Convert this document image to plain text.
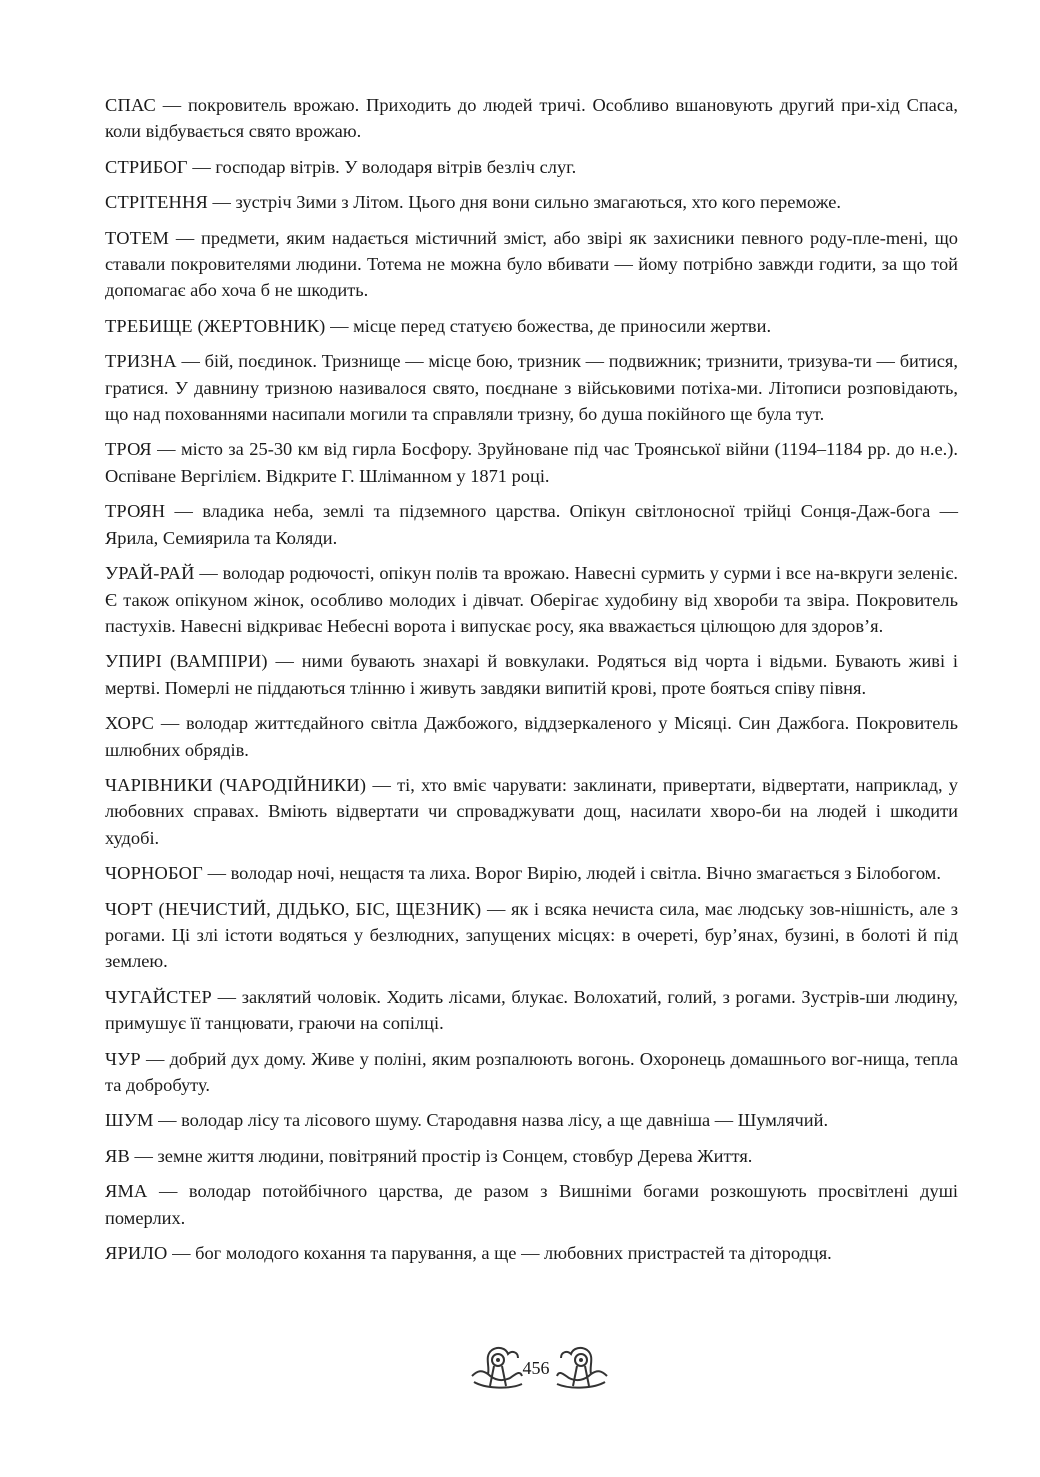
СПАС — покровитель врожаю. Приходить до людей тричі. Особливо вшановують другий при-хід Спаса, коли відбувається свято врожаю.

СТРИБОГ — господар вітрів. У володаря вітрів безліч слуг.

СТРІТЕННЯ — зустріч Зими з Літом. Цього дня вони сильно змагаються, хто кого переможе.

ТОТЕМ — предмети, яким надається містичний зміст, або звірі як захисники певного роду-пле-mені, що ставали покровителями людини. Тотема не можна було вбивати — йому потрібно завжди годити, за що той допомагає або хоча б не шкодить.

ТРЕБИЩЕ (ЖЕРТОВНИК) — місце перед статуєю божества, де приносили жертви.

ТРИЗНА — бій, поєдинок. Тризнище — місце бою, тризник — подвижник; тризнити, тризува-ти — битися, гратися. У давнину тризною називалося свято, поєднане з військовими потіха-ми. Літописи розповідають, що над похованнями насипали могили та справляли тризну, бо душа покійного ще була тут.

ТРОЯ — місто за 25-30 км від гирла Босфору. Зруйноване під час Троянської війни (1194–1184 рр. до н.е.). Оспіване Вергілієм. Відкрите Г. Шліманном у 1871 році.

ТРОЯН — владика неба, землі та підземного царства. Опікун світлоносної трійці Сонця-Даж-бога — Ярила, Семиярила та Коляди.

УРАЙ-РАЙ — володар родючості, опікун полів та врожаю. Навесні сурмить у сурми і все на-вкруги зеленіє. Є також опікуном жінок, особливо молодих і дівчат. Оберігає худобину від хвороби та звіра. Покровитель пастухів. Навесні відкриває Небесні ворота і випускає росу, яка вважається цілющою для здоров’я.

УПИРІ (ВАМПІРИ) — ними бувають знахарі й вовкулаки. Родяться від чорта і відьми. Бувають живі і мертві. Померлі не піддаються тлінню і живуть завдяки випитій крові, проте бояться співу півня.

ХОРС — володар життєдайного світла Дажбожого, віддзеркаленого у Місяці. Син Дажбога. Покровитель шлюбних обрядів.

ЧАРІВНИКИ (ЧАРОДІЙНИКИ) — ті, хто вміє чарувати: заклинати, привертати, відвертати, наприклад, у любовних справах. Вміють відвертати чи спроваджувати дощ, насилати хворо-би на людей і шкодити худобі.

ЧОРНОБОГ — володар ночі, нещастя та лиха. Ворог Вирію, людей і світла. Вічно змагається з Білобогом.

ЧОРТ (НЕЧИСТИЙ, ДІДЬКО, БІС, ЩЕЗНИК) — як і всяка нечиста сила, має людську зов-нішність, але з рогами. Ці злі істоти водяться у безлюдних, запущених місцях: в очереті, бур’янах, бузині, в болоті й під землею.

ЧУГАЙСТЕР — заклятий чоловік. Ходить лісами, блукає. Волохатий, голий, з рогами. Зустрів-ши людину, примушує її танцювати, граючи на сопілці.

ЧУР — добрий дух дому. Живе у поліні, яким розпалюють вогонь. Охоронець домашнього вог-нища, тепла та добробуту.

ШУМ — володар лісу та лісового шуму. Стародавня назва лісу, а ще давніша — Шумлячий.

ЯВ — земне життя людини, повітряний простір із Сонцем, стовбур Дерева Життя.

ЯМА — володар потойбічного царства, де разом з Вишніми богами розкошують просвітлені душі померлих.

ЯРИЛО — бог молодого кохання та парування, а ще — любовних пристрастей та дітородця.

456
